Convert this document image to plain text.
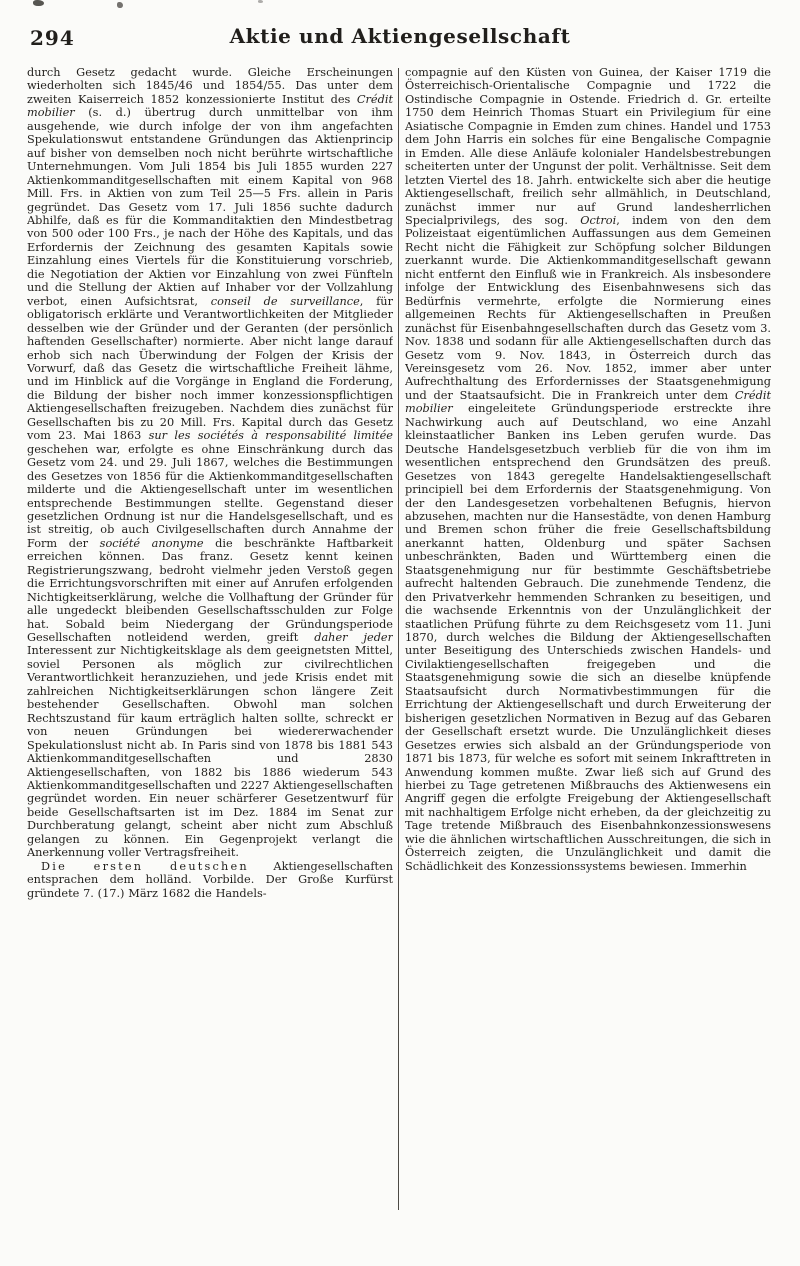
294	Aktie und Aktiengesellschaft

durch Gesetz gedacht wurde. Gleiche Erscheinungen wiederholten sich 1845/46 und 1854/55. Das unter dem zweiten Kaiserreich 1852 konzessionierte Institut des Crédit mobilier (s. d.) übertrug durch unmittelbar von ihm ausgehende, wie durch infolge der von ihm angefachten Spekulationswut entstandene Gründungen das Aktienprincip auf bisher von demselben noch nicht berührte wirtschaftliche Unternehmungen. Vom Juli 1854 bis Juli 1855 wurden 227 Aktienkommanditgesellschaften mit einem Kapital von 968 Mill. Frs. in Aktien von zum Teil 25—5 Frs. allein in Paris gegründet. Das Gesetz vom 17. Juli 1856 suchte dadurch Abhilfe, daß es für die Kommanditaktien den Mindestbetrag von 500 oder 100 Frs., je nach der Höhe des Kapitals, und das Erfordernis der Zeichnung des gesamten Kapitals sowie Einzahlung eines Viertels für die Konstituierung vorschrieb, die Negotiation der Aktien vor Einzahlung von zwei Fünfteln und die Stellung der Aktien auf Inhaber vor der Vollzahlung verbot, einen Aufsichtsrat, conseil de surveillance, für obligatorisch erklärte und Verantwortlichkeiten der Mitglieder desselben wie der Gründer und der Geranten (der persönlich haftenden Gesellschafter) normierte. Aber nicht lange darauf erhob sich nach Überwindung der Folgen der Krisis der Vorwurf, daß das Gesetz die wirtschaftliche Freiheit lähme, und im Hinblick auf die Vorgänge in England die Forderung, die Bildung der bisher noch immer konzessionspflichtigen Aktiengesellschaften freizugeben. Nachdem dies zunächst für Gesellschaften bis zu 20 Mill. Frs. Kapital durch das Gesetz vom 23. Mai 1863 sur les sociétés à responsabilité limitée geschehen war, erfolgte es ohne Einschränkung durch das Gesetz vom 24. und 29. Juli 1867, welches die Bestimmungen des Gesetzes von 1856 für die Aktienkommanditgesellschaften milderte und die Aktiengesellschaft unter im wesentlichen entsprechende Bestimmungen stellte. Gegenstand dieser gesetzlichen Ordnung ist nur die Handelsgesellschaft, und es ist streitig, ob auch Civilgesellschaften durch Annahme der Form der société anonyme die beschränkte Haftbarkeit erreichen können. Das franz. Gesetz kennt keinen Registrierungszwang, bedroht vielmehr jeden Verstoß gegen die Errichtungsvorschriften mit einer auf Anrufen erfolgenden Nichtigkeitserklärung, welche die Vollhaftung der Gründer für alle ungedeckt bleibenden Gesellschaftsschulden zur Folge hat. Sobald beim Niedergang der Gründungsperiode Gesellschaften notleidend werden, greift daher jeder Interessent zur Nichtigkeitsklage als dem geeignetsten Mittel, soviel Personen als möglich zur civilrechtlichen Verantwortlichkeit heranzuziehen, und jede Krisis endet mit zahlreichen Nichtigkeitserklärungen schon längere Zeit bestehender Gesellschaften. Obwohl man solchen Rechtszustand für kaum erträglich halten sollte, schreckt er von neuen Gründungen bei wiedererwachender Spekulationslust nicht ab. In Paris sind von 1878 bis 1881 543 Aktienkommanditgesellschaften und 2830 Aktiengesellschaften, von 1882 bis 1886 wiederum 543 Aktienkommanditgesellschaften und 2227 Aktiengesellschaften gegründet worden. Ein neuer schärferer Gesetzentwurf für beide Gesellschaftsarten ist im Dez. 1884 im Senat zur Durchberatung gelangt, scheint aber nicht zum Abschluß gelangen zu können. Ein Gegenprojekt verlangt die Anerkennung voller Vertragsfreiheit.

Die ersten deutschen Aktiengesellschaften entsprachen dem holländ. Vorbilde. Der Große Kurfürst gründete 7. (17.) März 1682 die Handels-

compagnie auf den Küsten von Guinea, der Kaiser 1719 die Österreichisch-Orientalische Compagnie und 1722 die Ostindische Compagnie in Ostende. Friedrich d. Gr. erteilte 1750 dem Heinrich Thomas Stuart ein Privilegium für eine Asiatische Compagnie in Emden zum chines. Handel und 1753 dem John Harris ein solches für eine Bengalische Compagnie in Emden. Alle diese Anläufe kolonialer Handelsbestrebungen scheiterten unter der Ungunst der polit. Verhältnisse. Seit dem letzten Viertel des 18. Jahrh. entwickelte sich aber die heutige Aktiengesellschaft, freilich sehr allmählich, in Deutschland, zunächst immer nur auf Grund landesherrlichen Specialprivilegs, des sog. Octroi, indem von den dem Polizeistaat eigentümlichen Auffassungen aus dem Gemeinen Recht nicht die Fähigkeit zur Schöpfung solcher Bildungen zuerkannt wurde. Die Aktienkommanditgesellschaft gewann nicht entfernt den Einfluß wie in Frankreich. Als insbesondere infolge der Entwicklung des Eisenbahnwesens sich das Bedürfnis vermehrte, erfolgte die Normierung eines allgemeinen Rechts für Aktiengesellschaften in Preußen zunächst für Eisenbahngesellschaften durch das Gesetz vom 3. Nov. 1838 und sodann für alle Aktiengesellschaften durch das Gesetz vom 9. Nov. 1843, in Österreich durch das Vereinsgesetz vom 26. Nov. 1852, immer aber unter Aufrechthaltung des Erfordernisses der Staatsgenehmigung und der Staatsaufsicht. Die in Frankreich unter dem Crédit mobilier eingeleitete Gründungsperiode erstreckte ihre Nachwirkung auch auf Deutschland, wo eine Anzahl kleinstaatlicher Banken ins Leben gerufen wurde. Das Deutsche Handelsgesetzbuch verblieb für die von ihm im wesentlichen entsprechend den Grundsätzen des preuß. Gesetzes von 1843 geregelte Handelsaktiengesellschaft principiell bei dem Erfordernis der Staatsgenehmigung. Von der den Landesgesetzen vorbehaltenen Befugnis, hiervon abzusehen, machten nur die Hansestädte, von denen Hamburg und Bremen schon früher die freie Gesellschaftsbildung anerkannt hatten, Oldenburg und später Sachsen unbeschränkten, Baden und Württemberg einen die Staatsgenehmigung nur für bestimmte Geschäftsbetriebe aufrecht haltenden Gebrauch. Die zunehmende Tendenz, die den Privatverkehr hemmenden Schranken zu beseitigen, und die wachsende Erkenntnis von der Unzulänglichkeit der staatlichen Prüfung führte zu dem Reichsgesetz vom 11. Juni 1870, durch welches die Bildung der Aktiengesellschaften unter Beseitigung des Unterschieds zwischen Handels- und Civilaktiengesellschaften freigegeben und die Staatsgenehmigung sowie die sich an dieselbe knüpfende Staatsaufsicht durch Normativbestimmungen für die Errichtung der Aktiengesellschaft und durch Erweiterung der bisherigen gesetzlichen Normativen in Bezug auf das Gebaren der Gesellschaft ersetzt wurde. Die Unzulänglichkeit dieses Gesetzes erwies sich alsbald an der Gründungsperiode von 1871 bis 1873, für welche es sofort mit seinem Inkrafttreten in Anwendung kommen mußte. Zwar ließ sich auf Grund des hierbei zu Tage getretenen Mißbrauchs des Aktienwesens ein Angriff gegen die erfolgte Freigebung der Aktiengesellschaft mit nachhaltigem Erfolge nicht erheben, da der gleichzeitig zu Tage tretende Mißbrauch des Eisenbahnkonzessionswesens wie die ähnlichen wirtschaftlichen Ausschreitungen, die sich in Österreich zeigten, die Unzulänglichkeit und damit die Schädlichkeit des Konzessionssystems bewiesen. Immerhin
